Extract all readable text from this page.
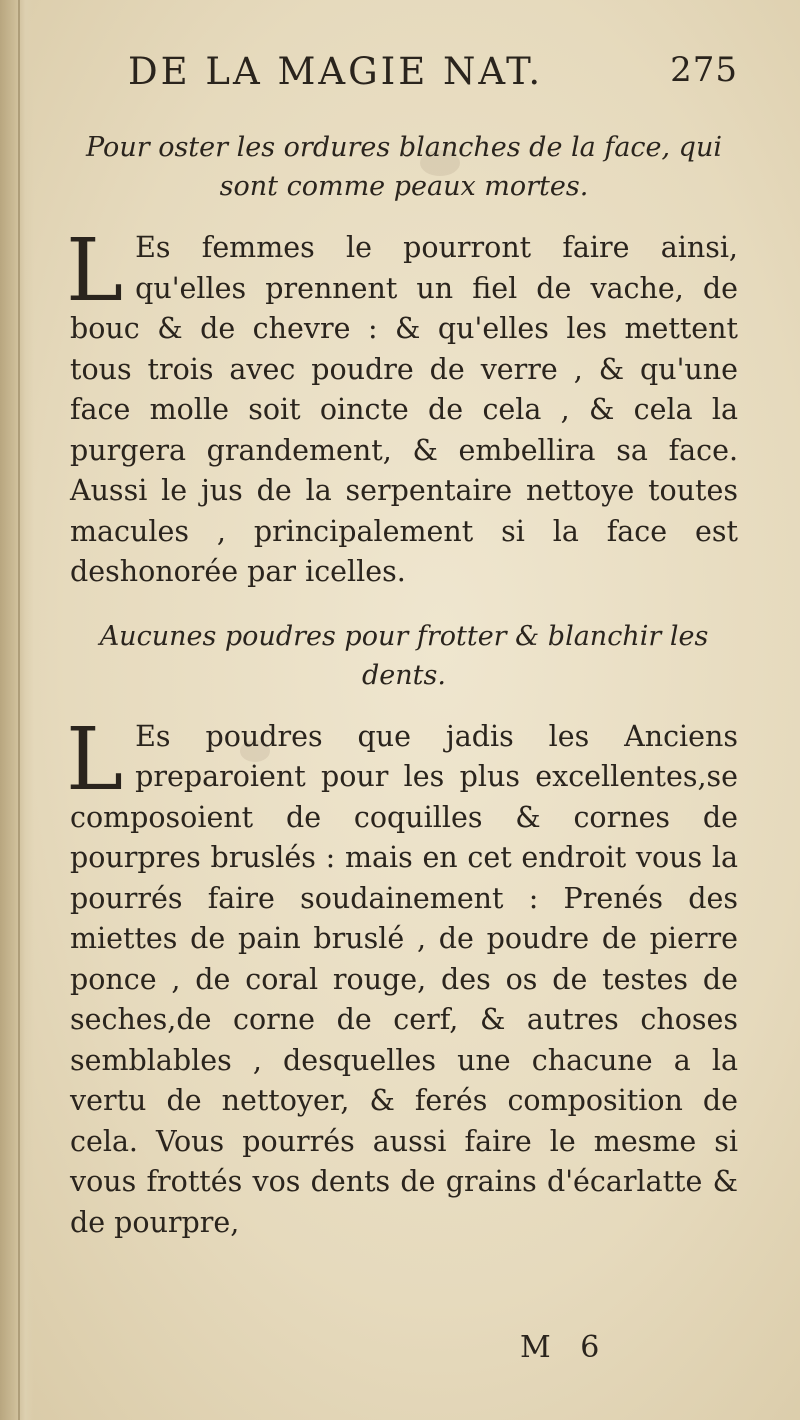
DE LA MAGIE NAT.	275
Pour oster les ordures blanches de la face, qui sont comme peaux mortes.

L Es femmes le pourront faire ainsi, qu'elles prennent un fiel de vache, de bouc & de chevre : & qu'elles les mettent tous trois avec poudre de verre , & qu'une face molle soit oincte de cela , & cela la purgera grandement, & embellira sa face. Aussi le jus de la serpentaire nettoye toutes macules , principalement si la face est deshonorée par icelles.

Aucunes poudres pour frotter & blanchir les dents.

L Es poudres que jadis les Anciens preparoient pour les plus excellentes,se composoient de coquilles & cornes de pourpres bruslés : mais en cet endroit vous la pourrés faire soudainement : Prenés des miettes de pain bruslé , de poudre de pierre ponce , de coral rouge, des os de testes de seches,de corne de cerf, & autres choses semblables , desquelles une chacune a la vertu de nettoyer, & ferés composition de cela. Vous pourrés aussi faire le mesme si vous frottés vos dents de grains d'écarlatte & de pourpre,

M 6
